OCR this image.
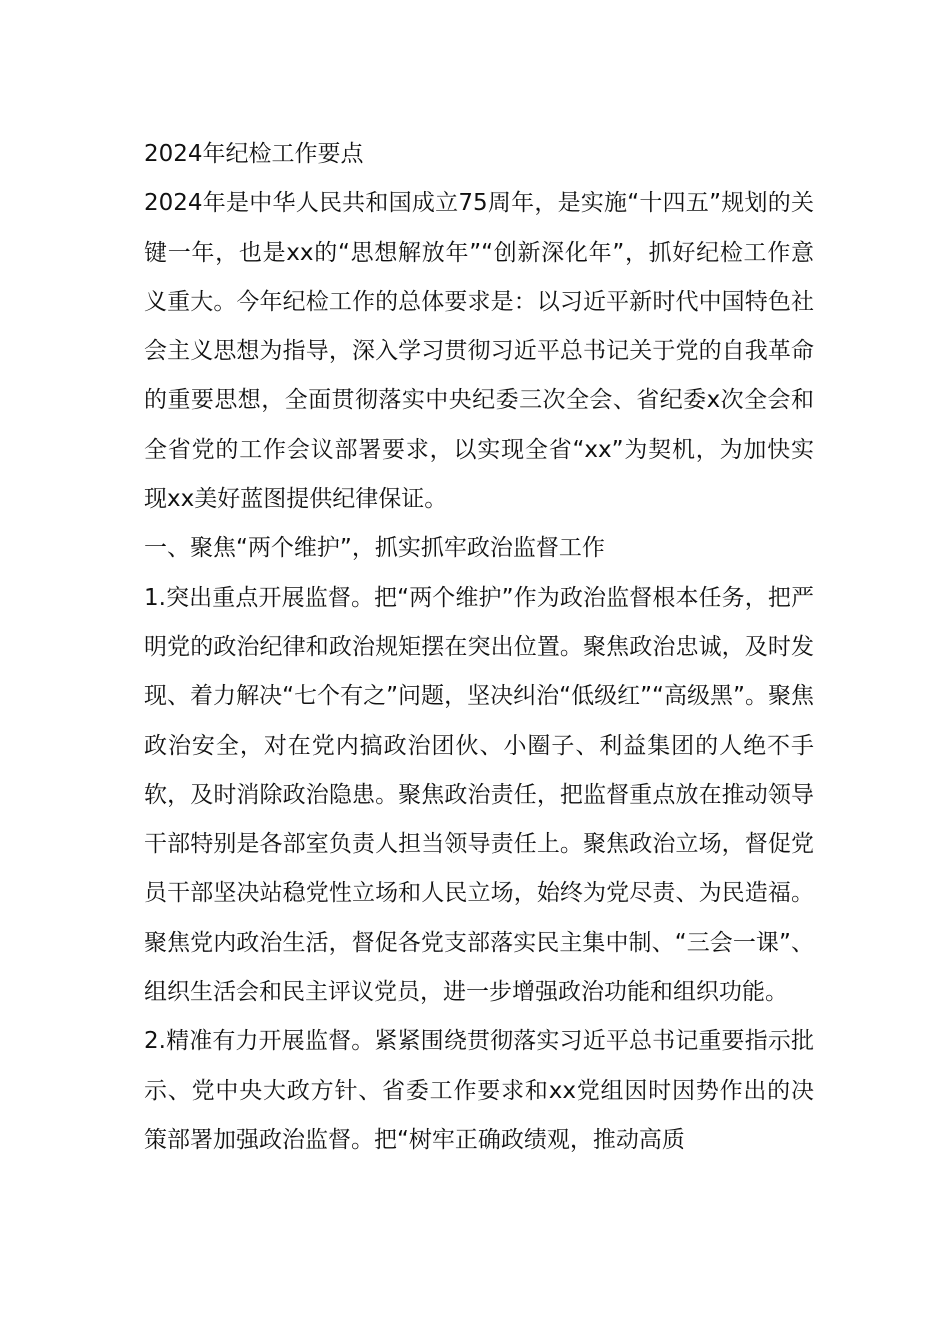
2024年纪检工作要点

2024年是中华人民共和国成立75周年，是实施“十四五”规划的关键一年，也是xx的“思想解放年”“创新深化年”，抓好纪检工作意义重大。今年纪检工作的总体要求是：以习近平新时代中国特色社会主义思想为指导，深入学习贯彻习近平总书记关于党的自我革命的重要思想，全面贯彻落实中央纪委三次全会、省纪委x次全会和全省党的工作会议部署要求，以实现全省“xx”为契机，为加快实现xx美好蓝图提供纪律保证。

一、聚焦“两个维护”，抓实抓牢政治监督工作

1.突出重点开展监督。把“两个维护”作为政治监督根本任务，把严明党的政治纪律和政治规矩摆在突出位置。聚焦政治忠诚，及时发现、着力解决“七个有之”问题，坚决纠治“低级红”“高级黑”。聚焦政治安全，对在党内搞政治团伙、小圈子、利益集团的人绝不手软，及时消除政治隐患。聚焦政治责任，把监督重点放在推动领导干部特别是各部室负责人担当领导责任上。聚焦政治立场，督促党员干部坚决站稳党性立场和人民立场，始终为党尽责、为民造福。聚焦党内政治生活，督促各党支部落实民主集中制、“三会一课”、组织生活会和民主评议党员，进一步增强政治功能和组织功能。

2.精准有力开展监督。紧紧围绕贯彻落实习近平总书记重要指示批示、党中央大政方针、省委工作要求和xx党组因时因势作出的决策部署加强政治监督。把“树牢正确政绩观，推动高质
